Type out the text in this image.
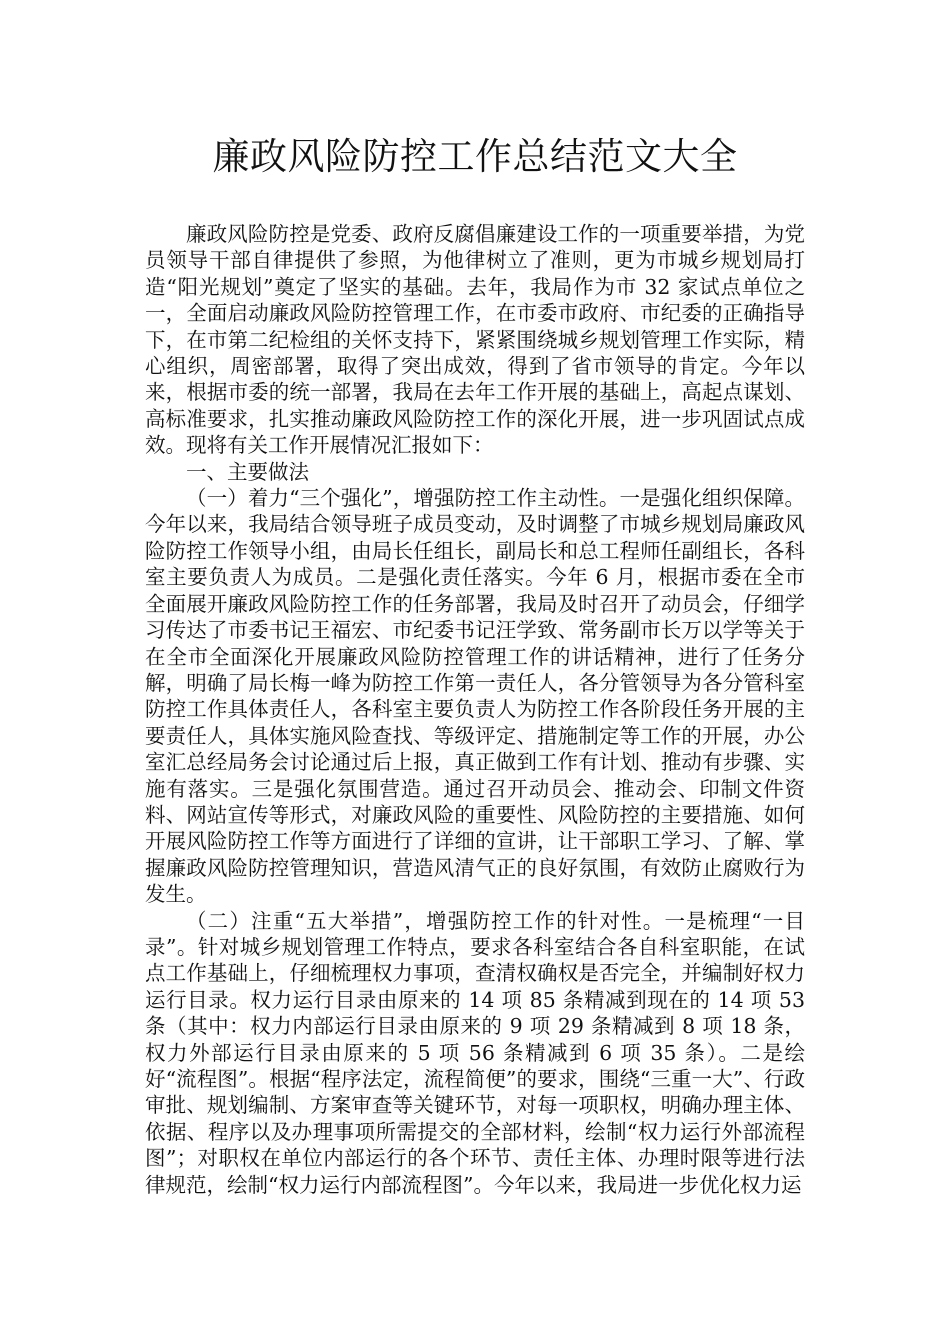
廉政风险防控工作总结范文大全

廉政风险防控是党委、政府反腐倡廉建设工作的一项重要举措，为党员领导干部自律提供了参照，为他律树立了准则，更为市城乡规划局打造“阳光规划”奠定了坚实的基础。去年，我局作为市 32 家试点单位之一，全面启动廉政风险防控管理工作，在市委市政府、市纪委的正确指导下，在市第二纪检组的关怀支持下，紧紧围绕城乡规划管理工作实际，精心组织，周密部署，取得了突出成效，得到了省市领导的肯定。今年以来，根据市委的统一部署，我局在去年工作开展的基础上，高起点谋划、高标准要求，扎实推动廉政风险防控工作的深化开展，进一步巩固试点成效。现将有关工作开展情况汇报如下：

一、主要做法

（一）着力“三个强化”，增强防控工作主动性。一是强化组织保障。今年以来，我局结合领导班子成员变动，及时调整了市城乡规划局廉政风险防控工作领导小组，由局长任组长，副局长和总工程师任副组长，各科室主要负责人为成员。二是强化责任落实。今年 6 月，根据市委在全市全面展开廉政风险防控工作的任务部署，我局及时召开了动员会，仔细学习传达了市委书记王福宏、市纪委书记汪学致、常务副市长万以学等关于在全市全面深化开展廉政风险防控管理工作的讲话精神，进行了任务分解，明确了局长梅一峰为防控工作第一责任人，各分管领导为各分管科室防控工作具体责任人，各科室主要负责人为防控工作各阶段任务开展的主要责任人，具体实施风险查找、等级评定、措施制定等工作的开展，办公室汇总经局务会讨论通过后上报，真正做到工作有计划、推动有步骤、实施有落实。三是强化氛围营造。通过召开动员会、推动会、印制文件资料、网站宣传等形式，对廉政风险的重要性、风险防控的主要措施、如何开展风险防控工作等方面进行了详细的宣讲，让干部职工学习、了解、掌握廉政风险防控管理知识，营造风清气正的良好氛围，有效防止腐败行为发生。

（二）注重“五大举措”，增强防控工作的针对性。一是梳理“一目录”。针对城乡规划管理工作特点，要求各科室结合各自科室职能，在试点工作基础上，仔细梳理权力事项，查清权确权是否完全，并编制好权力运行目录。权力运行目录由原来的 14 项 85 条精减到现在的 14 项 53 条（其中：权力内部运行目录由原来的 9 项 29 条精减到 8 项 18 条，权力外部运行目录由原来的 5 项 56 条精减到 6 项 35 条）。二是绘好“流程图”。根据“程序法定，流程简便”的要求，围绕“三重一大”、行政审批、规划编制、方案审查等关键环节，对每一项职权，明确办理主体、依据、程序以及办理事项所需提交的全部材料，绘制“权力运行外部流程图”；对职权在单位内部运行的各个环节、责任主体、办理时限等进行法律规范，绘制“权力运行内部流程图”。今年以来，我局进一步优化权力运
